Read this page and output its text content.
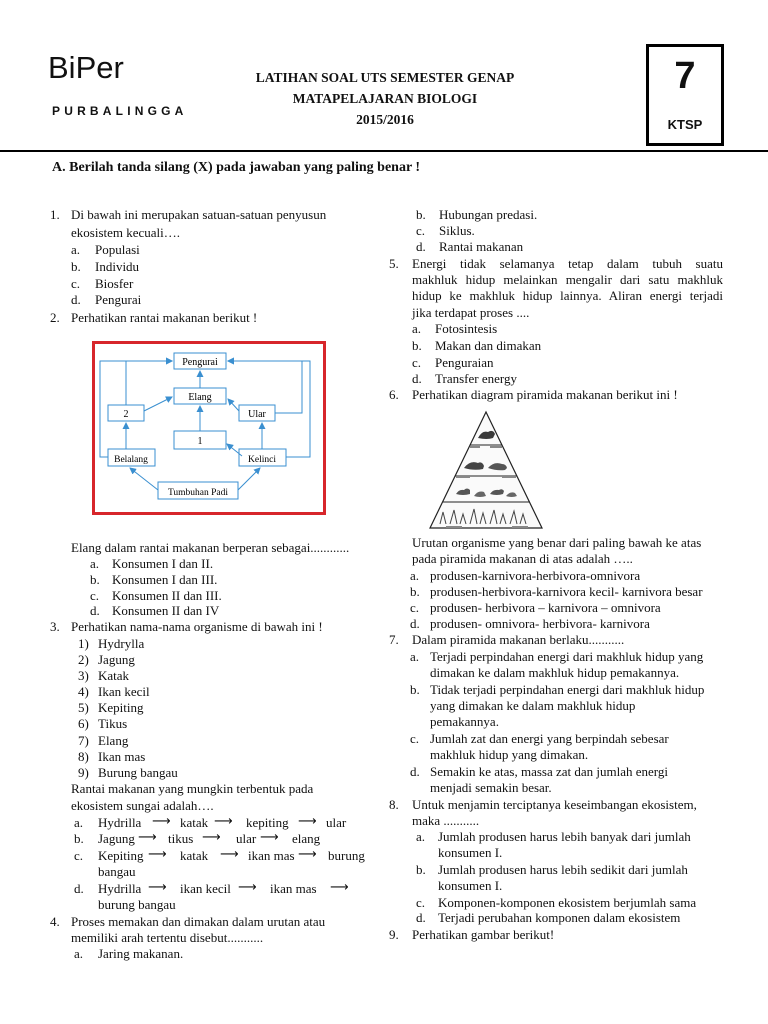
BiPer
PURBALINGGA
LATIHAN SOAL UTS SEMESTER GENAP
MATAPELAJARAN BIOLOGI
2015/2016
7
KTSP
A. Berilah tanda silang (X) pada jawaban yang paling benar !
1. Di bawah ini merupakan satuan-satuan penyusun
ekosistem kecuali….
a. Populasi
b. Individu
c. Biosfer
d. Pengurai
2. Perhatikan rantai makanan berikut !
Pengurai
Elang
2	Ular
1
Belalang	Kelinci
Tumbuhan Padi
Elang dalam rantai makanan berperan sebagai............
a. Konsumen I dan II.
b. Konsumen I dan III.
c. Konsumen II dan III.
d. Konsumen II dan IV
3. Perhatikan nama-nama organisme di bawah ini !
1) Hydrylla
2) Jagung
3) Katak
4) Ikan kecil
5) Kepiting
6) Tikus
7) Elang
8) Ikan mas
9) Burung bangau
Rantai makanan yang mungkin terbentuk pada
ekosistem sungai adalah….
a. Hydrilla ⟶ katak ⟶ kepiting ⟶ ular
b. Jagung ⟶ tikus ⟶ ular ⟶ elang
c. Kepiting ⟶ katak ⟶ ikan mas ⟶ burung
bangau
d. Hydrilla ⟶ ikan kecil ⟶ ikan mas ⟶
burung bangau
4. Proses memakan dan dimakan dalam urutan atau
memiliki arah tertentu disebut...........
a. Jaring makanan.
b. Hubungan predasi.
c. Siklus.
d. Rantai makanan
5. Energi tidak selamanya tetap dalam tubuh suatu
makhluk hidup melainkan mengalir dari satu makhluk
hidup ke makhluk hidup lainnya. Aliran energi terjadi
jika terdapat proses ....
a. Fotosintesis
b. Makan dan dimakan
c. Penguraian
d. Transfer energy
6. Perhatikan diagram piramida makanan berikut ini !
Urutan organisme yang benar dari paling bawah ke atas
pada piramida makanan di atas adalah …..
a. produsen-karnivora-herbivora-omnivora
b. produsen-herbivora-karnivora kecil- karnivora besar
c. produsen- herbivora – karnivora – omnivora
d. produsen- omnivora- herbivora- karnivora
7. Dalam piramida makanan berlaku...........
a. Terjadi perpindahan energi dari makhluk hidup yang
dimakan ke dalam makhluk hidup pemakannya.
b. Tidak terjadi perpindahan energi dari makhluk hidup
yang dimakan ke dalam makhluk hidup
pemakannya.
c. Jumlah zat dan energi yang berpindah sebesar
makhluk hidup yang dimakan.
d. Semakin ke atas, massa zat dan jumlah energi
menjadi semakin besar.
8. Untuk menjamin terciptanya keseimbangan ekosistem,
maka ...........
a. Jumlah produsen harus lebih banyak dari jumlah
konsumen I.
b. Jumlah produsen harus lebih sedikit dari jumlah
konsumen I.
c. Komponen-komponen ekosistem berjumlah sama
d. Terjadi perubahan komponen dalam ekosistem
9. Perhatikan gambar berikut!
